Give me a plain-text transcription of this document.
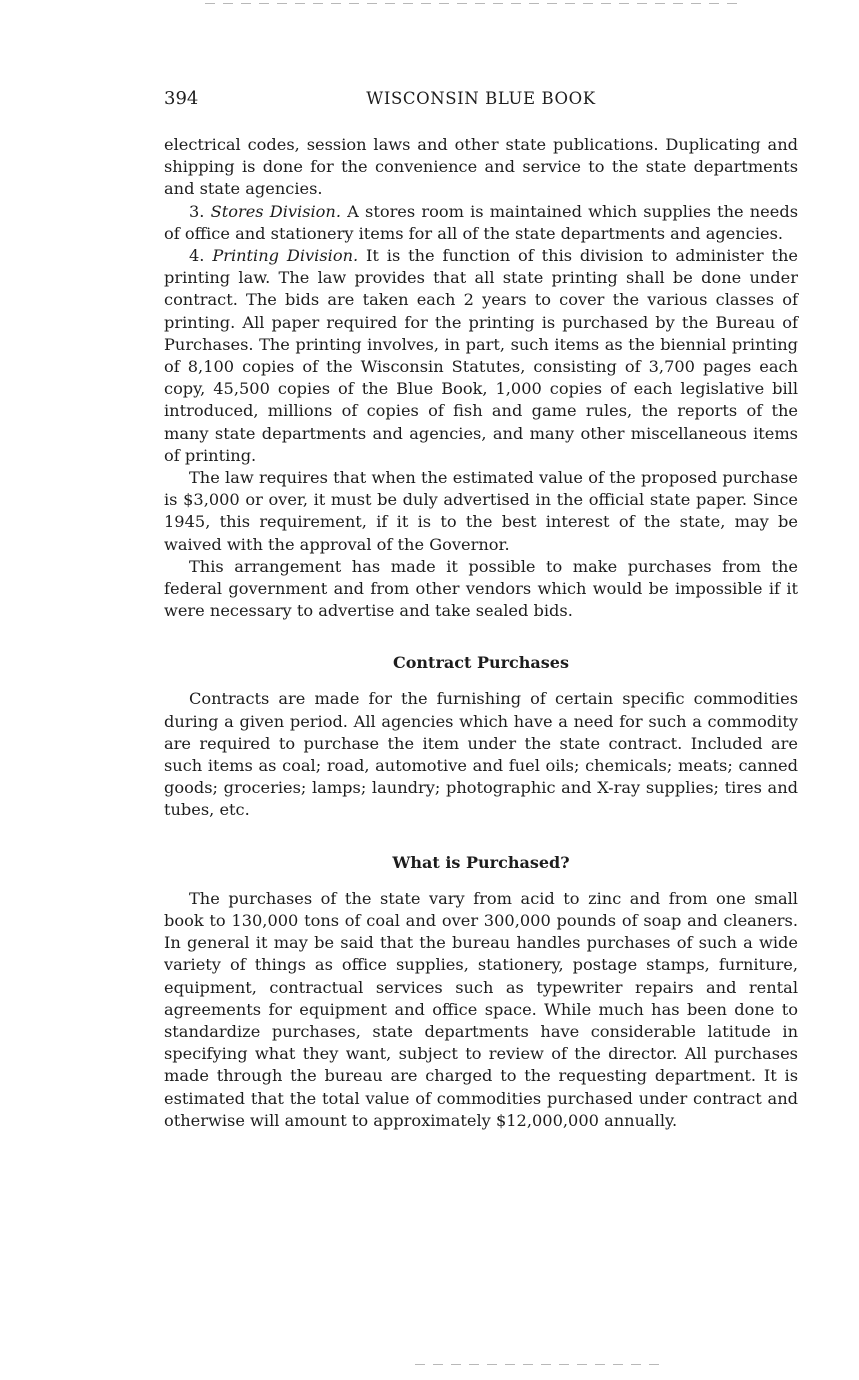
394	WISCONSIN BLUE BOOK

electrical codes, session laws and other state publications. Duplicating and shipping is done for the convenience and service to the state departments and state agencies.

3. Stores Division. A stores room is maintained which supplies the needs of office and stationery items for all of the state departments and agencies.

4. Printing Division. It is the function of this division to administer the printing law. The law provides that all state printing shall be done under contract. The bids are taken each 2 years to cover the various classes of printing. All paper required for the printing is purchased by the Bureau of Purchases. The printing involves, in part, such items as the biennial printing of 8,100 copies of the Wisconsin Statutes, consisting of 3,700 pages each copy, 45,500 copies of the Blue Book, 1,000 copies of each legislative bill introduced, millions of copies of fish and game rules, the reports of the many state departments and agencies, and many other miscellaneous items of printing.

The law requires that when the estimated value of the proposed purchase is $3,000 or over, it must be duly advertised in the official state paper. Since 1945, this requirement, if it is to the best interest of the state, may be waived with the approval of the Governor.

This arrangement has made it possible to make purchases from the federal government and from other vendors which would be impossible if it were necessary to advertise and take sealed bids.

Contract Purchases

Contracts are made for the furnishing of certain specific commodities during a given period. All agencies which have a need for such a commodity are required to purchase the item under the state contract. Included are such items as coal; road, automotive and fuel oils; chemicals; meats; canned goods; groceries; lamps; laundry; photographic and X-ray supplies; tires and tubes, etc.

What is Purchased?

The purchases of the state vary from acid to zinc and from one small book to 130,000 tons of coal and over 300,000 pounds of soap and cleaners. In general it may be said that the bureau handles purchases of such a wide variety of things as office supplies, stationery, postage stamps, furniture, equipment, contractual services such as typewriter repairs and rental agreements for equipment and office space. While much has been done to standardize purchases, state departments have considerable latitude in specifying what they want, subject to review of the director. All purchases made through the bureau are charged to the requesting department. It is estimated that the total value of commodities purchased under contract and otherwise will amount to approximately $12,000,000 annually.
